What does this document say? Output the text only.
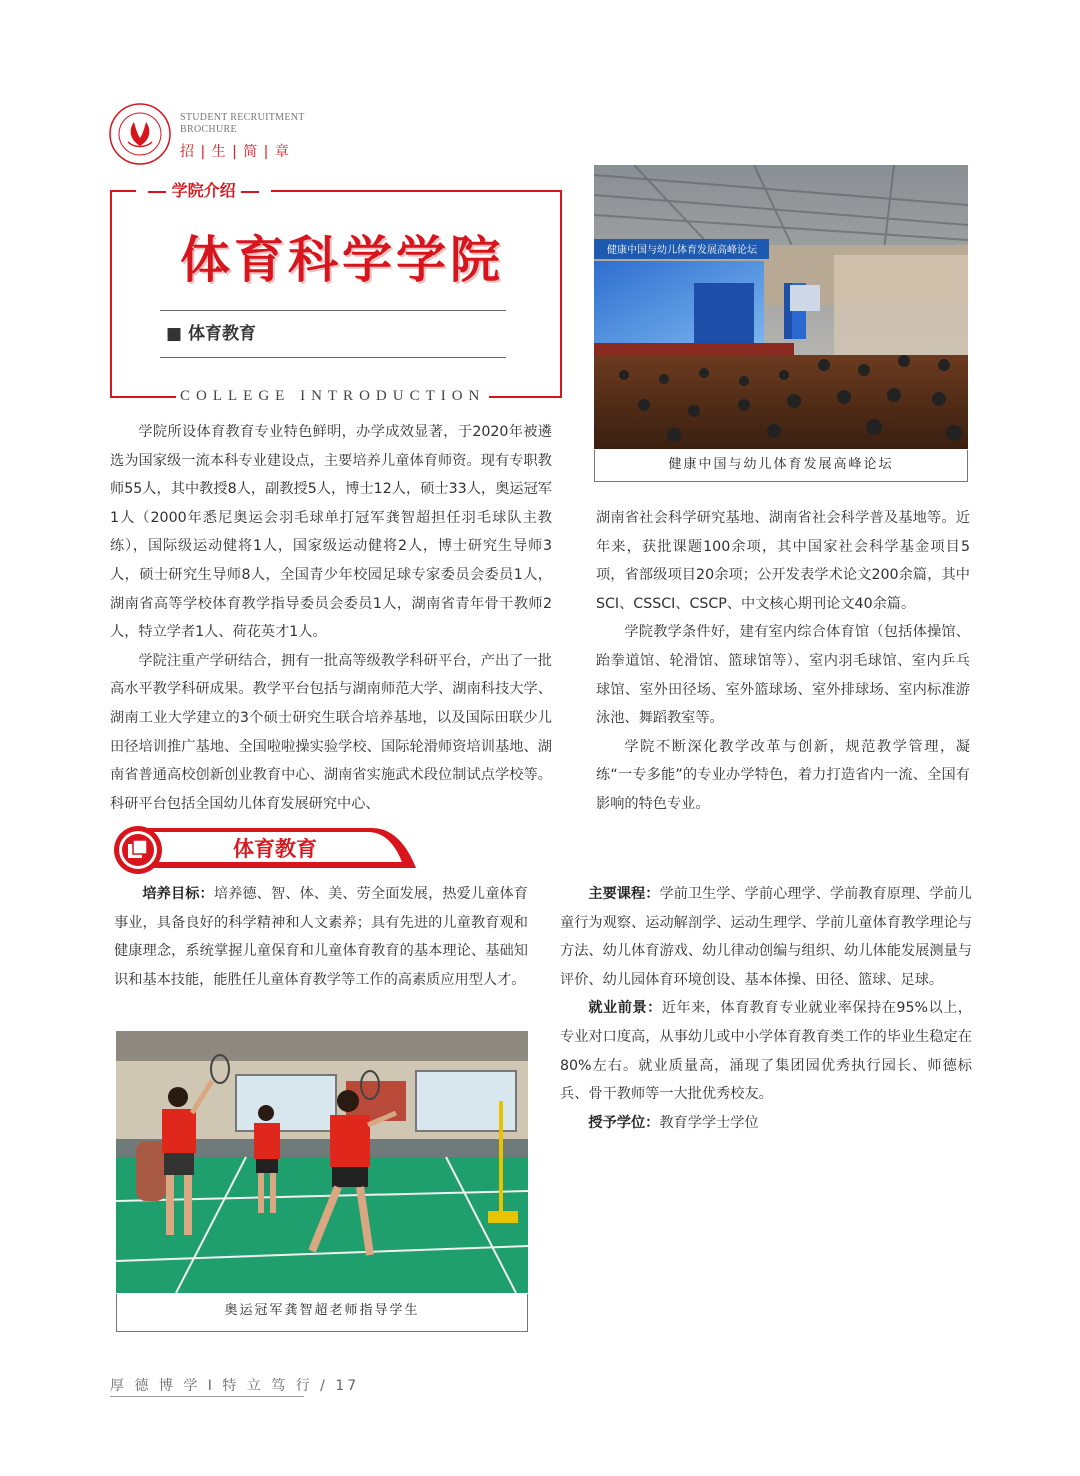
STUDENT RECRUITMENT
BROCHURE
招 | 生 | 简 | 章
学院介绍
体育科学学院
■ 体育教育
COLLEGE INTRODUCTION

学院所设体育教育专业特色鲜明，办学成效显著，于2020年被遴选为国家级一流本科专业建设点，主要培养儿童体育师资。现有专职教师55人，其中教授8人，副教授5人，博士12人，硕士33人，奥运冠军1人（2000年悉尼奥运会羽毛球单打冠军龚智超担任羽毛球队主教练），国际级运动健将1人，国家级运动健将2人，博士研究生导师3人，硕士研究生导师8人，全国青少年校园足球专家委员会委员1人，湖南省高等学校体育教学指导委员会委员1人，湖南省青年骨干教师2人，特立学者1人、荷花英才1人。

学院注重产学研结合，拥有一批高等级教学科研平台，产出了一批高水平教学科研成果。教学平台包括与湖南师范大学、湖南科技大学、湖南工业大学建立的3个硕士研究生联合培养基地，以及国际田联少儿田径培训推广基地、全国啦啦操实验学校、国际轮滑师资培训基地、湖南省普通高校创新创业教育中心、湖南省实施武术段位制试点学校等。科研平台包括全国幼儿体育发展研究中心、

健康中国与幼儿体育发展高峰论坛
健康中国与幼儿体育发展高峰论坛

湖南省社会科学研究基地、湖南省社会科学普及基地等。近年来，获批课题100余项，其中国家社会科学基金项目5项，省部级项目20余项；公开发表学术论文200余篇，其中SCI、CSSCI、CSCP、中文核心期刊论文40余篇。

学院教学条件好，建有室内综合体育馆（包括体操馆、跆拳道馆、轮滑馆、篮球馆等）、室内羽毛球馆、室内乒乓球馆、室外田径场、室外篮球场、室外排球场、室内标准游泳池、舞蹈教室等。

学院不断深化教学改革与创新，规范教学管理，凝练“一专多能”的专业办学特色，着力打造省内一流、全国有影响的特色专业。

体育教育

培养目标：培养德、智、体、美、劳全面发展，热爱儿童体育事业，具备良好的科学精神和人文素养；具有先进的儿童教育观和健康理念，系统掌握儿童保育和儿童体育教育的基本理论、基础知识和基本技能，能胜任儿童体育教学等工作的高素质应用型人才。

奥运冠军龚智超老师指导学生

主要课程：学前卫生学、学前心理学、学前教育原理、学前儿童行为观察、运动解剖学、运动生理学、学前儿童体育教学理论与方法、幼儿体育游戏、幼儿律动创编与组织、幼儿体能发展测量与评价、幼儿园体育环境创设、基本体操、田径、篮球、足球。

就业前景：近年来，体育教育专业就业率保持在95%以上，专业对口度高，从事幼儿或中小学体育教育类工作的毕业生稳定在80%左右。就业质量高，涌现了集团园优秀执行园长、师德标兵、骨干教师等一大批优秀校友。

授予学位：教育学学士学位

厚 德 博 学 I 特 立 笃 行 / 17
